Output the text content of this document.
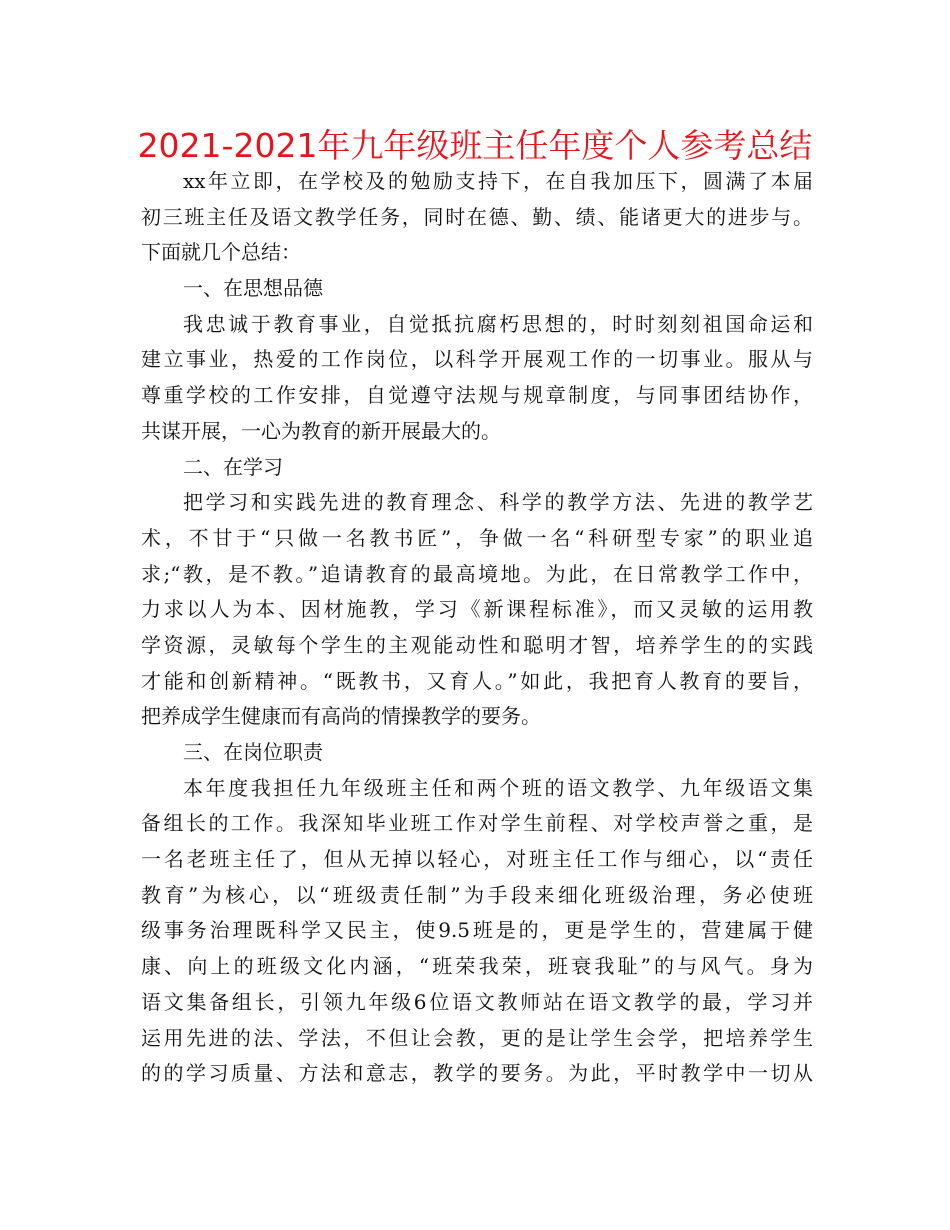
2021-2021年九年级班主任年度个人参考总结
xx年立即，在学校及的勉励支持下，在自我加压下，圆满了本届
初三班主任及语文教学任务，同时在德、勤、绩、能诸更大的进步与。
下面就几个总结：
一、在思想品德
我忠诚于教育事业，自觉抵抗腐朽思想的，时时刻刻祖国命运和
建立事业，热爱的工作岗位，以科学开展观工作的一切事业。服从与
尊重学校的工作安排，自觉遵守法规与规章制度，与同事团结协作，
共谋开展，一心为教育的新开展最大的。
二、在学习
把学习和实践先进的教育理念、科学的教学方法、先进的教学艺
术，不甘于“只做一名教书匠”，争做一名“科研型专家”的职业追
求;“教，是不教。”追请教育的最高境地。为此，在日常教学工作中，
力求以人为本、因材施教，学习《新课程标准》，而又灵敏的运用教
学资源，灵敏每个学生的主观能动性和聪明才智，培养学生的的实践
才能和创新精神。“既教书，又育人。”如此，我把育人教育的要旨，
把养成学生健康而有高尚的情操教学的要务。
三、在岗位职责
本年度我担任九年级班主任和两个班的语文教学、九年级语文集
备组长的工作。我深知毕业班工作对学生前程、对学校声誉之重，是
一名老班主任了，但从无掉以轻心，对班主任工作与细心，以“责任
教育”为核心，以“班级责任制”为手段来细化班级治理，务必使班
级事务治理既科学又民主，使9.5班是的，更是学生的，营建属于健
康、向上的班级文化内涵，“班荣我荣，班衰我耻”的与风气。身为
语文集备组长，引领九年级6位语文教师站在语文教学的最，学习并
运用先进的法、学法，不但让会教，更的是让学生会学，把培养学生
的的学习质量、方法和意志，教学的要务。为此，平时教学中一切从
